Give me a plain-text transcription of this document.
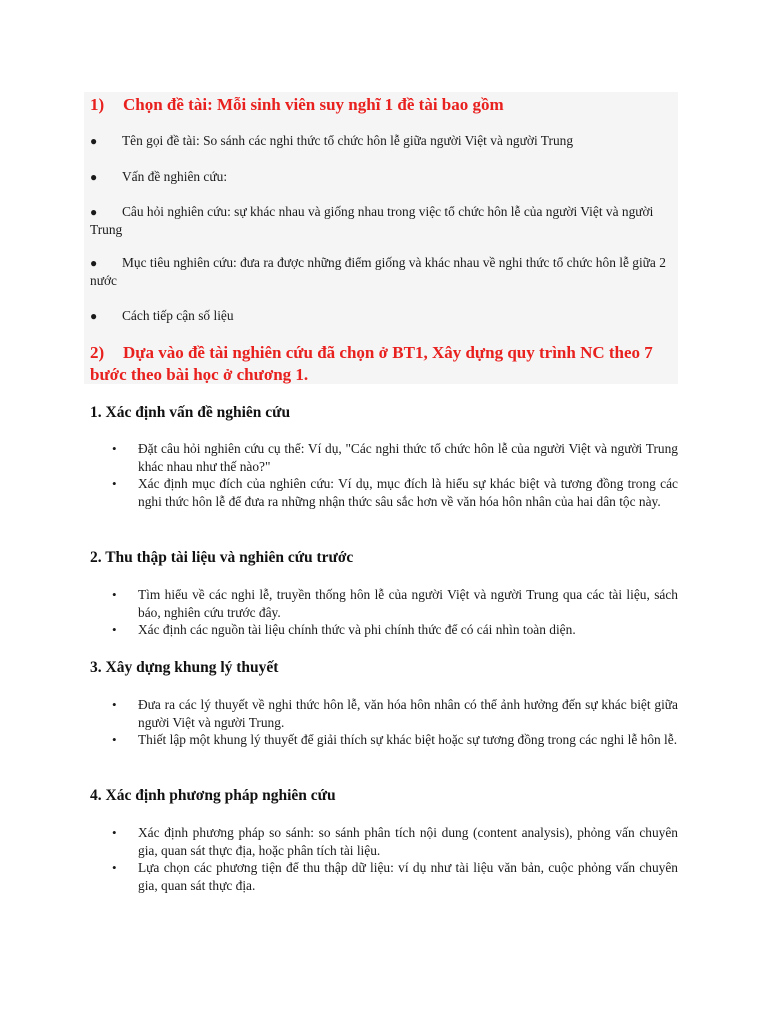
1) Chọn đề tài: Mỗi sinh viên suy nghĩ 1 đề tài bao gồm

● Tên gọi đề tài: So sánh các nghi thức tổ chức hôn lễ giữa người Việt và người Trung

● Vấn đề nghiên cứu:

● Câu hỏi nghiên cứu: sự khác nhau và giống nhau trong việc tổ chức hôn lễ của người Việt và người Trung

● Mục tiêu nghiên cứu: đưa ra được những điểm giống và khác nhau về nghi thức tổ chức hôn lễ giữa 2 nước

● Cách tiếp cận số liệu

2) Dựa vào đề tài nghiên cứu đã chọn ở BT1, Xây dựng quy trình NC theo 7 bước theo bài học ở chương 1.
1. Xác định vấn đề nghiên cứu
• Đặt câu hỏi nghiên cứu cụ thể: Ví dụ, "Các nghi thức tổ chức hôn lễ của người Việt và người Trung khác nhau như thế nào?"
• Xác định mục đích của nghiên cứu: Ví dụ, mục đích là hiểu sự khác biệt và tương đồng trong các nghi thức hôn lễ để đưa ra những nhận thức sâu sắc hơn về văn hóa hôn nhân của hai dân tộc này.
2. Thu thập tài liệu và nghiên cứu trước
• Tìm hiểu về các nghi lễ, truyền thống hôn lễ của người Việt và người Trung qua các tài liệu, sách báo, nghiên cứu trước đây.
• Xác định các nguồn tài liệu chính thức và phi chính thức để có cái nhìn toàn diện.
3. Xây dựng khung lý thuyết
• Đưa ra các lý thuyết về nghi thức hôn lễ, văn hóa hôn nhân có thể ảnh hưởng đến sự khác biệt giữa người Việt và người Trung.
• Thiết lập một khung lý thuyết để giải thích sự khác biệt hoặc sự tương đồng trong các nghi lễ hôn lễ.
4. Xác định phương pháp nghiên cứu
• Xác định phương pháp so sánh: so sánh phân tích nội dung (content analysis), phỏng vấn chuyên gia, quan sát thực địa, hoặc phân tích tài liệu.
• Lựa chọn các phương tiện để thu thập dữ liệu: ví dụ như tài liệu văn bản, cuộc phỏng vấn chuyên gia, quan sát thực địa.
